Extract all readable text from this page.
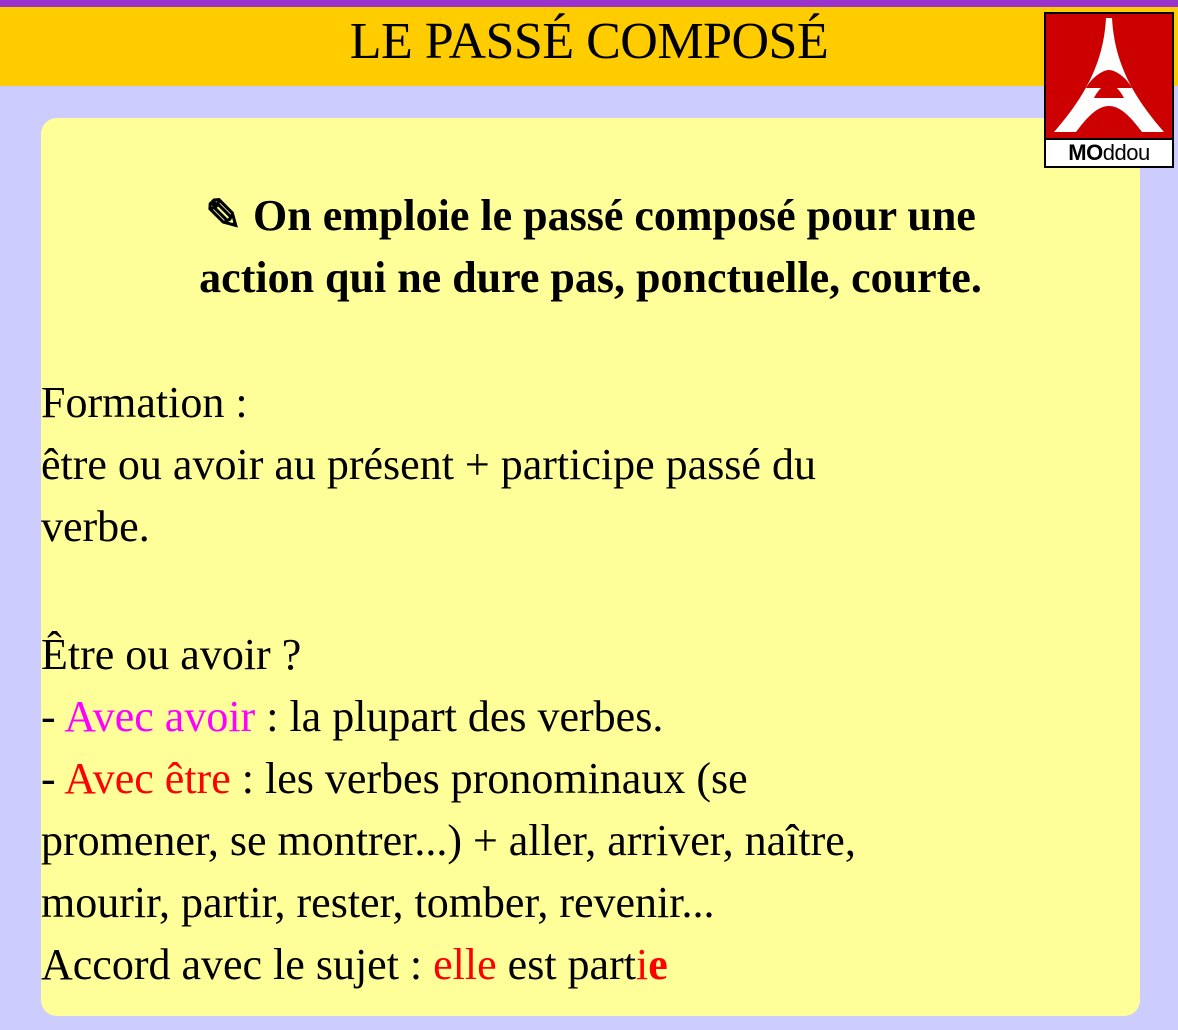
LE PASSÉ COMPOSÉ
MOddou
✎ On emploie le passé composé pour une
action qui ne dure pas, ponctuelle, courte.
Formation :
être ou avoir au présent + participe passé du
verbe.
Être ou avoir ?
- Avec avoir : la plupart des verbes.
- Avec être : les verbes pronominaux (se
promener, se montrer...) + aller, arriver, naître,
mourir, partir, rester, tomber, revenir...
Accord avec le sujet : elle est partie
